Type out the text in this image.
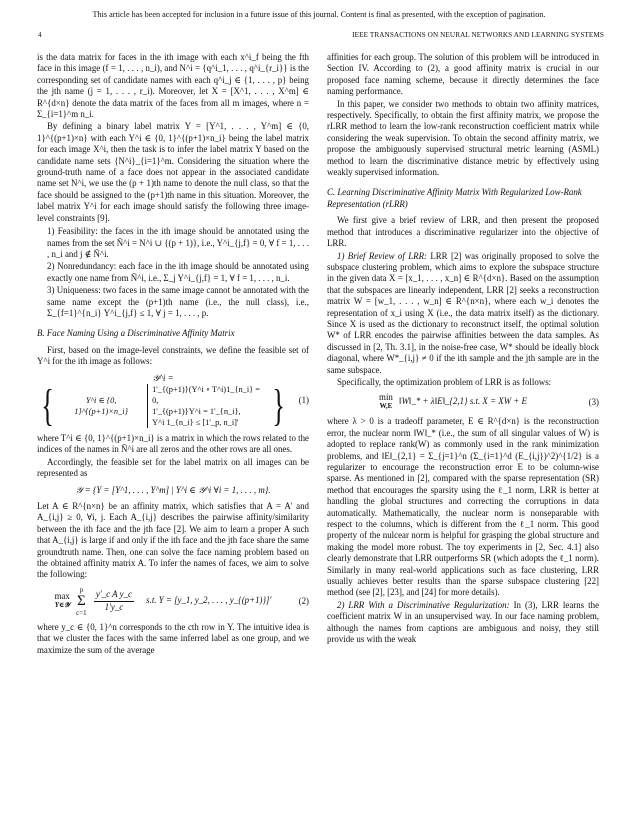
This article has been accepted for inclusion in a future issue of this journal. Content is final as presented, with the exception of pagination.
4	IEEE TRANSACTIONS ON NEURAL NETWORKS AND LEARNING SYSTEMS

is the data matrix for faces in the ith image with each x^i_f being the fth face in this image (f = 1, . . . , n_i), and N^i = {q^i_1, . . . , q^i_{r_i}} is the corresponding set of candidate names with each q^i_j ∈ {1, . . . , p} being the jth name (j = 1, . . . , r_i). Moreover, let X = [X^1, . . . , X^m] ∈ R^{d×n} denote the data matrix of the faces from all m images, where n = Σ_{i=1}^m n_i.

By defining a binary label matrix Y = [Y^1, . . . , Y^m] ∈ {0, 1}^{(p+1)×n} with each Y^i ∈ {0, 1}^{(p+1)×n_i} being the label matrix for each image X^i, then the task is to infer the label matrix Y based on the candidate name sets {N^i}_{i=1}^m. Considering the situation where the ground-truth name of a face does not appear in the associated candidate name set N^i, we use the (p + 1)th name to denote the null class, so that the face should be assigned to the (p+1)th name in this situation. Moreover, the label matrix Y^i for each image should satisfy the following three image-level constraints [9].

1) Feasibility: the faces in the ith image should be annotated using the names from the set Ñ^i = N^i ∪ {(p + 1)}, i.e., Y^i_{j,f} = 0, ∀ f = 1, . . . , n_i and j ∉ Ñ^i.
2) Nonredundancy: each face in the ith image should be annotated using exactly one name from Ñ^i, i.e., Σ_j Y^i_{j,f} = 1, ∀ f = 1, . . . , n_i.
3) Uniqueness: two faces in the same image cannot be annotated with the same name except the (p+1)th name (i.e., the null class), i.e., Σ_{f=1}^{n_i} Y^i_{j,f} ≤ 1, ∀ j = 1, . . . , p.
B. Face Naming Using a Discriminative Affinity Matrix

First, based on the image-level constraints, we define the feasible set of Y^i for the ith image as follows:

𝒴^i =
{	Y^i ∈ {0, 1}^{(p+1)×n_i}
1'_{(p+1)}(Y^i ∘ T^i)1_{n_i} = 0,
1'_{(p+1)}Y^i = 1'_{n_i},
Y^i 1_{n_i} ≤ [1'_p, n_i]' }	(1)

where T^i ∈ {0, 1}^{(p+1)×n_i} is a matrix in which the rows related to the indices of the names in Ñ^i are all zeros and the other rows are all ones.

Accordingly, the feasible set for the label matrix on all images can be represented as

𝒴 = {Y = [Y^1, . . . , Y^m] | Y^i ∈ 𝒴^i ∀i = 1, . . . , m}.

Let A ∈ R^{n×n} be an affinity matrix, which satisfies that A = A' and A_{i,j} ≥ 0, ∀i, j. Each A_{i,j} describes the pairwise affinity/similarity between the ith face and the jth face [2]. We aim to learn a proper A such that A_{i,j} is large if and only if the ith face and the jth face share the same groundtruth name. Then, one can solve the face naming problem based on the obtained affinity matrix A. To infer the names of faces, we aim to solve the following:

max
Y∈𝒴

p
Σ
c=1
$\frac{\text{y'\_c A y\_c}}{1'y\_c} s.t$. Y = [y_1, y_2, . . . , y_{(p+1)}]'	(2)

where y_c ∈ {0, 1}^n corresponds to the cth row in Y. The intuitive idea is that we cluster the faces with the same inferred label as one group, and we maximize the sum of the average

affinities for each group. The solution of this problem will be introduced in Section IV. According to (2), a good affinity matrix is crucial in our proposed face naming scheme, because it directly determines the face naming performance.

In this paper, we consider two methods to obtain two affinity matrices, respectively. Specifically, to obtain the first affinity matrix, we propose the rLRR method to learn the low-rank reconstruction coefficient matrix while considering the weak supervision. To obtain the second affinity matrix, we propose the ambiguously supervised structural metric learning (ASML) method to learn the discriminative distance metric by effectively using weakly supervised information.

C. Learning Discriminative Affinity Matrix With Regularized Low-Rank Representation (rLRR)

We first give a brief review of LRR, and then present the proposed method that introduces a discriminative regularizer into the objective of LRR.

1) Brief Review of LRR: LRR [2] was originally proposed to solve the subspace clustering problem, which aims to explore the subspace structure in the given data X = [x_1, . . . , x_n] ∈ R^{d×n}. Based on the assumption that the subspaces are linearly independent, LRR [2] seeks a reconstruction matrix W = [w_1, . . . , w_n] ∈ R^{n×n}, where each w_i denotes the representation of x_i using X (i.e., the data matrix itself) as the dictionary. Since X is used as the dictionary to reconstruct itself, the optimal solution W* of LRR encodes the pairwise affinities between the data samples. As discussed in [2, Th. 3.1], in the noise-free case, W* should be ideally block diagonal, where W*_{i,j} ≠ 0 if the ith sample and the jth sample are in the same subspace.

Specifically, the optimization problem of LRR is as follows:

min
W,E ‖W‖_* + λ‖E‖_{2,1} s.t. X = XW + E	(3)

where λ > 0 is a tradeoff parameter, E ∈ R^{d×n} is the reconstruction error, the nuclear norm ‖W‖_* (i.e., the sum of all singular values of W) is adopted to replace rank(W) as commonly used in the rank minimization problems, and ‖E‖_{2,1} = Σ_{j=1}^n (Σ_{i=1}^d (E_{i,j})^2)^{1/2} is a regularizer to encourage the reconstruction error E to be column-wise sparse. As mentioned in [2], compared with the sparse representation (SR) method that encourages the sparsity using the ℓ_1 norm, LRR is better at handling the global structures and correcting the corruptions in data automatically. Mathematically, the nuclear norm is nonseparable with respect to the columns, which is different from the ℓ_1 norm. This good property of the nulcear norm is helpful for grasping the global structure and making the model more robust. The toy experiments in [2, Sec. 4.1] also clearly demonstrate that LRR outperforms SR (which adopts the ℓ_1 norm). Similarly in many real-world applications such as face clustering, LRR usually achieves better results than the sparse subspace clustering [22] method (see [2], [23], and [24] for more details).

2) LRR With a Discriminative Regularization: In (3), LRR learns the coefficient matrix W in an unsupervised way. In our face naming problem, although the names from captions are ambiguous and noisy, they still provide us with the weak
